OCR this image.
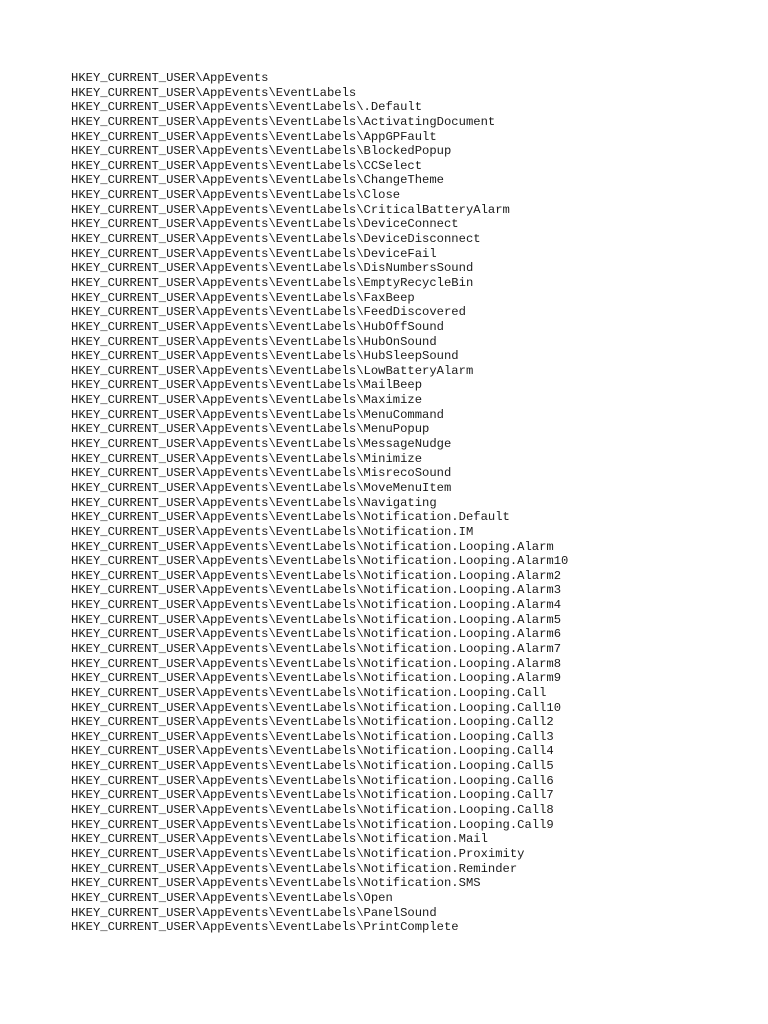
HKEY_CURRENT_USER\AppEvents
HKEY_CURRENT_USER\AppEvents\EventLabels
HKEY_CURRENT_USER\AppEvents\EventLabels\.Default
HKEY_CURRENT_USER\AppEvents\EventLabels\ActivatingDocument
HKEY_CURRENT_USER\AppEvents\EventLabels\AppGPFault
HKEY_CURRENT_USER\AppEvents\EventLabels\BlockedPopup
HKEY_CURRENT_USER\AppEvents\EventLabels\CCSelect
HKEY_CURRENT_USER\AppEvents\EventLabels\ChangeTheme
HKEY_CURRENT_USER\AppEvents\EventLabels\Close
HKEY_CURRENT_USER\AppEvents\EventLabels\CriticalBatteryAlarm
HKEY_CURRENT_USER\AppEvents\EventLabels\DeviceConnect
HKEY_CURRENT_USER\AppEvents\EventLabels\DeviceDisconnect
HKEY_CURRENT_USER\AppEvents\EventLabels\DeviceFail
HKEY_CURRENT_USER\AppEvents\EventLabels\DisNumbersSound
HKEY_CURRENT_USER\AppEvents\EventLabels\EmptyRecycleBin
HKEY_CURRENT_USER\AppEvents\EventLabels\FaxBeep
HKEY_CURRENT_USER\AppEvents\EventLabels\FeedDiscovered
HKEY_CURRENT_USER\AppEvents\EventLabels\HubOffSound
HKEY_CURRENT_USER\AppEvents\EventLabels\HubOnSound
HKEY_CURRENT_USER\AppEvents\EventLabels\HubSleepSound
HKEY_CURRENT_USER\AppEvents\EventLabels\LowBatteryAlarm
HKEY_CURRENT_USER\AppEvents\EventLabels\MailBeep
HKEY_CURRENT_USER\AppEvents\EventLabels\Maximize
HKEY_CURRENT_USER\AppEvents\EventLabels\MenuCommand
HKEY_CURRENT_USER\AppEvents\EventLabels\MenuPopup
HKEY_CURRENT_USER\AppEvents\EventLabels\MessageNudge
HKEY_CURRENT_USER\AppEvents\EventLabels\Minimize
HKEY_CURRENT_USER\AppEvents\EventLabels\MisrecoSound
HKEY_CURRENT_USER\AppEvents\EventLabels\MoveMenuItem
HKEY_CURRENT_USER\AppEvents\EventLabels\Navigating
HKEY_CURRENT_USER\AppEvents\EventLabels\Notification.Default
HKEY_CURRENT_USER\AppEvents\EventLabels\Notification.IM
HKEY_CURRENT_USER\AppEvents\EventLabels\Notification.Looping.Alarm
HKEY_CURRENT_USER\AppEvents\EventLabels\Notification.Looping.Alarm10
HKEY_CURRENT_USER\AppEvents\EventLabels\Notification.Looping.Alarm2
HKEY_CURRENT_USER\AppEvents\EventLabels\Notification.Looping.Alarm3
HKEY_CURRENT_USER\AppEvents\EventLabels\Notification.Looping.Alarm4
HKEY_CURRENT_USER\AppEvents\EventLabels\Notification.Looping.Alarm5
HKEY_CURRENT_USER\AppEvents\EventLabels\Notification.Looping.Alarm6
HKEY_CURRENT_USER\AppEvents\EventLabels\Notification.Looping.Alarm7
HKEY_CURRENT_USER\AppEvents\EventLabels\Notification.Looping.Alarm8
HKEY_CURRENT_USER\AppEvents\EventLabels\Notification.Looping.Alarm9
HKEY_CURRENT_USER\AppEvents\EventLabels\Notification.Looping.Call
HKEY_CURRENT_USER\AppEvents\EventLabels\Notification.Looping.Call10
HKEY_CURRENT_USER\AppEvents\EventLabels\Notification.Looping.Call2
HKEY_CURRENT_USER\AppEvents\EventLabels\Notification.Looping.Call3
HKEY_CURRENT_USER\AppEvents\EventLabels\Notification.Looping.Call4
HKEY_CURRENT_USER\AppEvents\EventLabels\Notification.Looping.Call5
HKEY_CURRENT_USER\AppEvents\EventLabels\Notification.Looping.Call6
HKEY_CURRENT_USER\AppEvents\EventLabels\Notification.Looping.Call7
HKEY_CURRENT_USER\AppEvents\EventLabels\Notification.Looping.Call8
HKEY_CURRENT_USER\AppEvents\EventLabels\Notification.Looping.Call9
HKEY_CURRENT_USER\AppEvents\EventLabels\Notification.Mail
HKEY_CURRENT_USER\AppEvents\EventLabels\Notification.Proximity
HKEY_CURRENT_USER\AppEvents\EventLabels\Notification.Reminder
HKEY_CURRENT_USER\AppEvents\EventLabels\Notification.SMS
HKEY_CURRENT_USER\AppEvents\EventLabels\Open
HKEY_CURRENT_USER\AppEvents\EventLabels\PanelSound
HKEY_CURRENT_USER\AppEvents\EventLabels\PrintComplete
